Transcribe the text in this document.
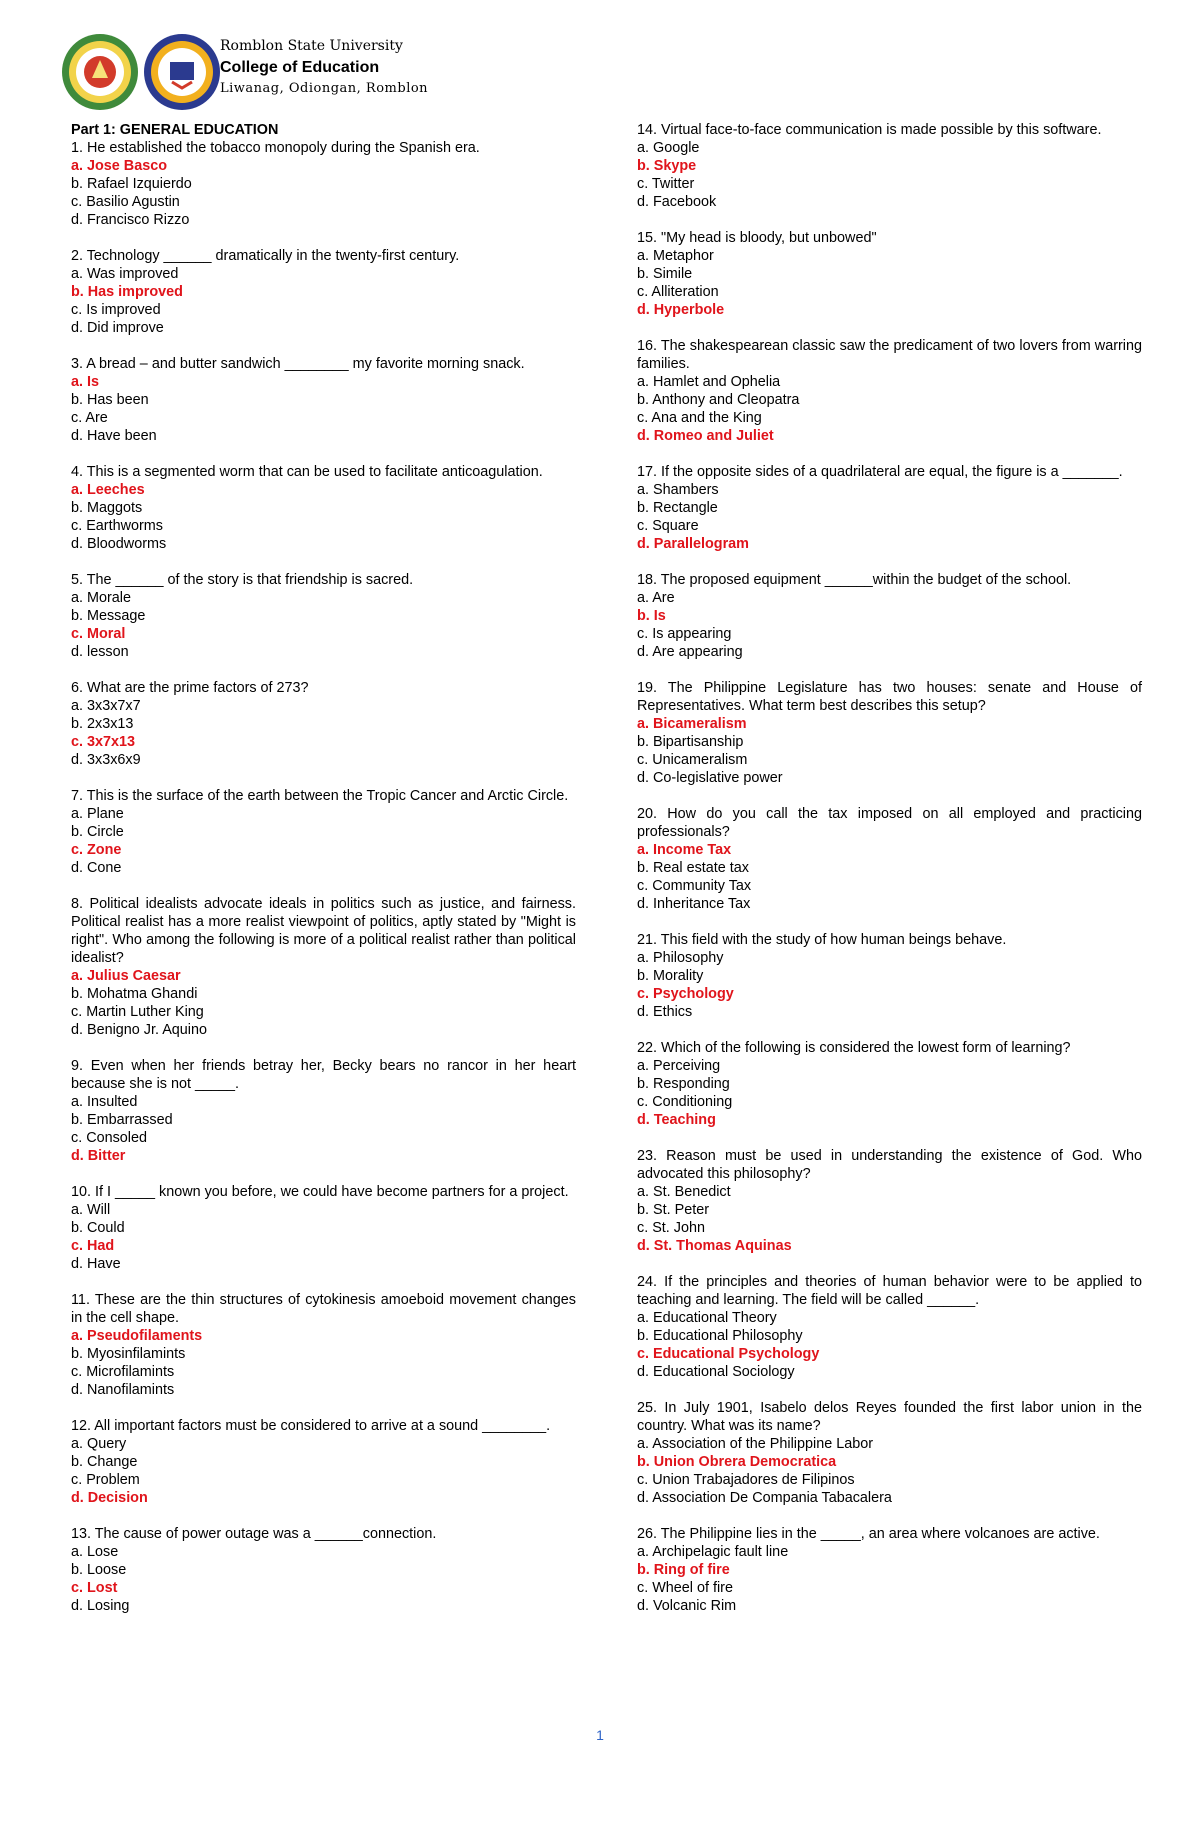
Romblon State University
College of Education
Liwanag, Odiongan, Romblon
Part 1: GENERAL EDUCATION
1. He established the tobacco monopoly during the Spanish era.
a. Jose Basco
b. Rafael Izquierdo
c. Basilio Agustin
d. Francisco Rizzo
2. Technology ______ dramatically in the twenty-first century.
a. Was improved
b. Has improved
c. Is improved
d. Did improve
3. A bread – and butter sandwich ________ my favorite morning snack.
a. Is
b. Has been
c. Are
d. Have been
4. This is a segmented worm that can be used to facilitate anticoagulation.
a. Leeches
b. Maggots
c. Earthworms
d. Bloodworms
5. The ______ of the story is that friendship is sacred.
a. Morale
b. Message
c. Moral
d. lesson
6. What are the prime factors of 273?
a. 3x3x7x7
b. 2x3x13
c. 3x7x13
d. 3x3x6x9
7. This is the surface of the earth between the Tropic Cancer and Arctic Circle.
a. Plane
b. Circle
c. Zone
d. Cone
8. Political idealists advocate ideals in politics such as justice, and fairness. Political realist has a more realist viewpoint of politics, aptly stated by "Might is right". Who among the following is more of a political realist rather than political idealist?
a. Julius Caesar
b. Mohatma Ghandi
c. Martin Luther King
d. Benigno Jr. Aquino
9. Even when her friends betray her, Becky bears no rancor in her heart because she is not _____.
a. Insulted
b. Embarrassed
c. Consoled
d. Bitter
10. If I _____ known you before, we could have become partners for a project.
a. Will
b. Could
c. Had
d. Have
11. These are the thin structures of cytokinesis amoeboid movement changes in the cell shape.
a. Pseudofilaments
b. Myosinfilamints
c. Microfilamints
d. Nanofilamints
12. All important factors must be considered to arrive at a sound ________.
a. Query
b. Change
c. Problem
d. Decision
13. The cause of power outage was a ______connection.
a. Lose
b. Loose
c. Lost
d. Losing
14. Virtual face-to-face communication is made possible by this software.
a. Google
b. Skype
c. Twitter
d. Facebook
15. "My head is bloody, but unbowed"
a. Metaphor
b. Simile
c. Alliteration
d. Hyperbole
16. The shakespearean classic saw the predicament of two lovers from warring families.
a. Hamlet and Ophelia
b. Anthony and Cleopatra
c. Ana and the King
d. Romeo and Juliet
17. If the opposite sides of a quadrilateral are equal, the figure is a _______.
a. Shambers
b. Rectangle
c. Square
d. Parallelogram
18. The proposed equipment ______within the budget of the school.
a. Are
b. Is
c. Is appearing
d. Are appearing
19. The Philippine Legislature has two houses: senate and House of Representatives. What term best describes this setup?
a. Bicameralism
b. Bipartisanship
c. Unicameralism
d. Co-legislative power
20. How do you call the tax imposed on all employed and practicing professionals?
a. Income Tax
b. Real estate tax
c. Community Tax
d. Inheritance Tax
21. This field with the study of how human beings behave.
a. Philosophy
b. Morality
c. Psychology
d. Ethics
22. Which of the following is considered the lowest form of learning?
a. Perceiving
b. Responding
c. Conditioning
d. Teaching
23. Reason must be used in understanding the existence of God. Who advocated this philosophy?
a. St. Benedict
b. St. Peter
c. St. John
d. St. Thomas Aquinas
24. If the principles and theories of human behavior were to be applied to teaching and learning. The field will be called ______.
a. Educational Theory
b. Educational Philosophy
c. Educational Psychology
d. Educational Sociology
25. In July 1901, Isabelo delos Reyes founded the first labor union in the country. What was its name?
a. Association of the Philippine Labor
b. Union Obrera Democratica
c. Union Trabajadores de Filipinos
d. Association De Compania Tabacalera
26. The Philippine lies in the _____, an area where volcanoes are active.
a. Archipelagic fault line
b. Ring of fire
c. Wheel of fire
d. Volcanic Rim
1
